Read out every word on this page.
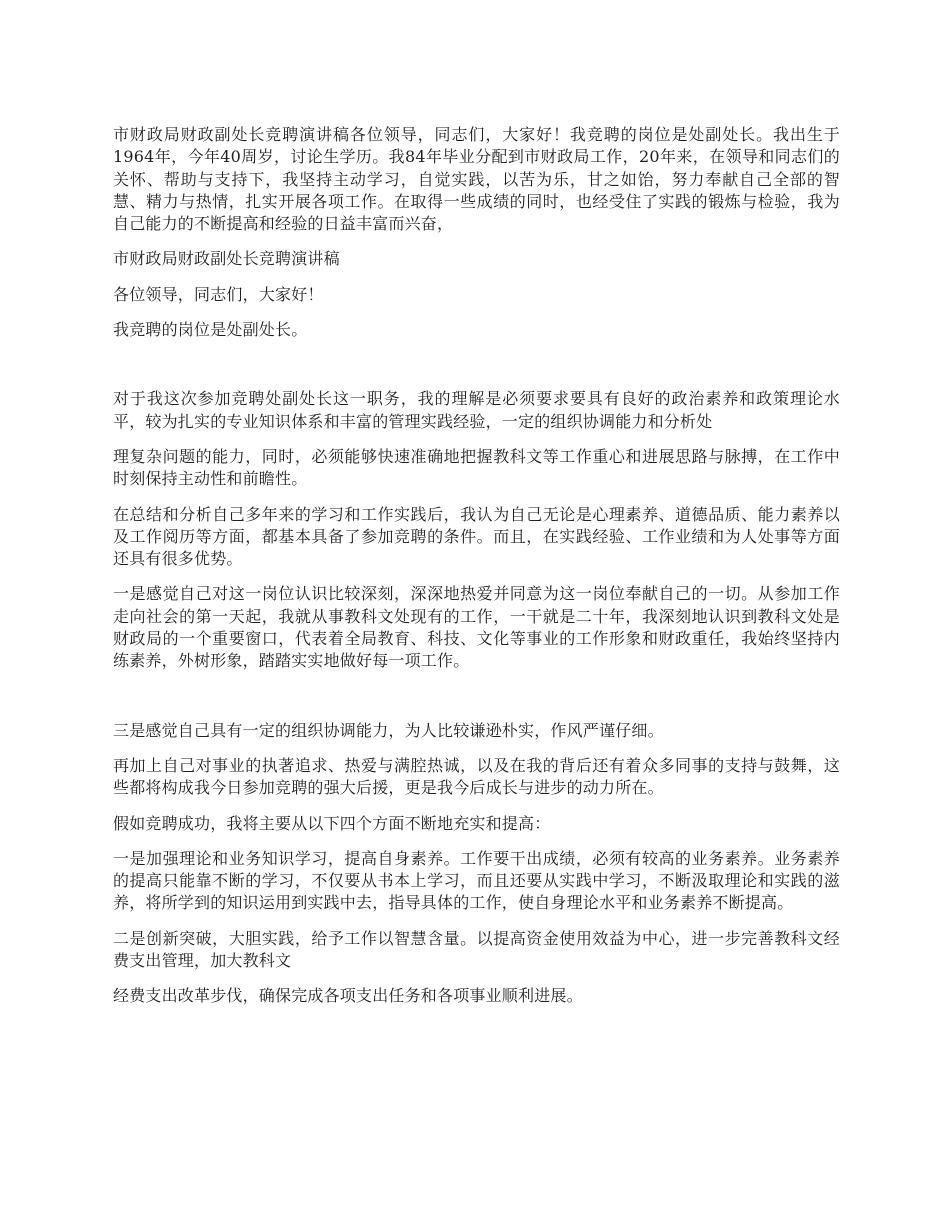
市财政局财政副处长竞聘演讲稿各位领导，同志们，大家好！我竞聘的岗位是处副处长。我出生于1964年，今年40周岁，讨论生学历。我84年毕业分配到市财政局工作，20年来，在领导和同志们的关怀、帮助与支持下，我坚持主动学习，自觉实践，以苦为乐，甘之如饴，努力奉献自己全部的智慧、精力与热情，扎实开展各项工作。在取得一些成绩的同时，也经受住了实践的锻炼与检验，我为自己能力的不断提高和经验的日益丰富而兴奋，

市财政局财政副处长竞聘演讲稿

各位领导，同志们，大家好！

我竞聘的岗位是处副处长。

对于我这次参加竞聘处副处长这一职务，我的理解是必须要求要具有良好的政治素养和政策理论水平，较为扎实的专业知识体系和丰富的管理实践经验，一定的组织协调能力和分析处

理复杂问题的能力，同时，必须能够快速准确地把握教科文等工作重心和进展思路与脉搏，在工作中时刻保持主动性和前瞻性。

在总结和分析自己多年来的学习和工作实践后，我认为自己无论是心理素养、道德品质、能力素养以及工作阅历等方面，都基本具备了参加竞聘的条件。而且，在实践经验、工作业绩和为人处事等方面还具有很多优势。

一是感觉自己对这一岗位认识比较深刻，深深地热爱并同意为这一岗位奉献自己的一切。从参加工作走向社会的第一天起，我就从事教科文处现有的工作，一干就是二十年，我深刻地认识到教科文处是财政局的一个重要窗口，代表着全局教育、科技、文化等事业的工作形象和财政重任，我始终坚持内练素养，外树形象，踏踏实实地做好每一项工作。

三是感觉自己具有一定的组织协调能力，为人比较谦逊朴实，作风严谨仔细。

再加上自己对事业的执著追求、热爱与满腔热诚，以及在我的背后还有着众多同事的支持与鼓舞，这些都将构成我今日参加竞聘的强大后援，更是我今后成长与进步的动力所在。

假如竞聘成功，我将主要从以下四个方面不断地充实和提高：

一是加强理论和业务知识学习，提高自身素养。工作要干出成绩，必须有较高的业务素养。业务素养的提高只能靠不断的学习，不仅要从书本上学习，而且还要从实践中学习，不断汲取理论和实践的滋养，将所学到的知识运用到实践中去，指导具体的工作，使自身理论水平和业务素养不断提高。

二是创新突破，大胆实践，给予工作以智慧含量。以提高资金使用效益为中心，进一步完善教科文经费支出管理，加大教科文

经费支出改革步伐，确保完成各项支出任务和各项事业顺利进展。
